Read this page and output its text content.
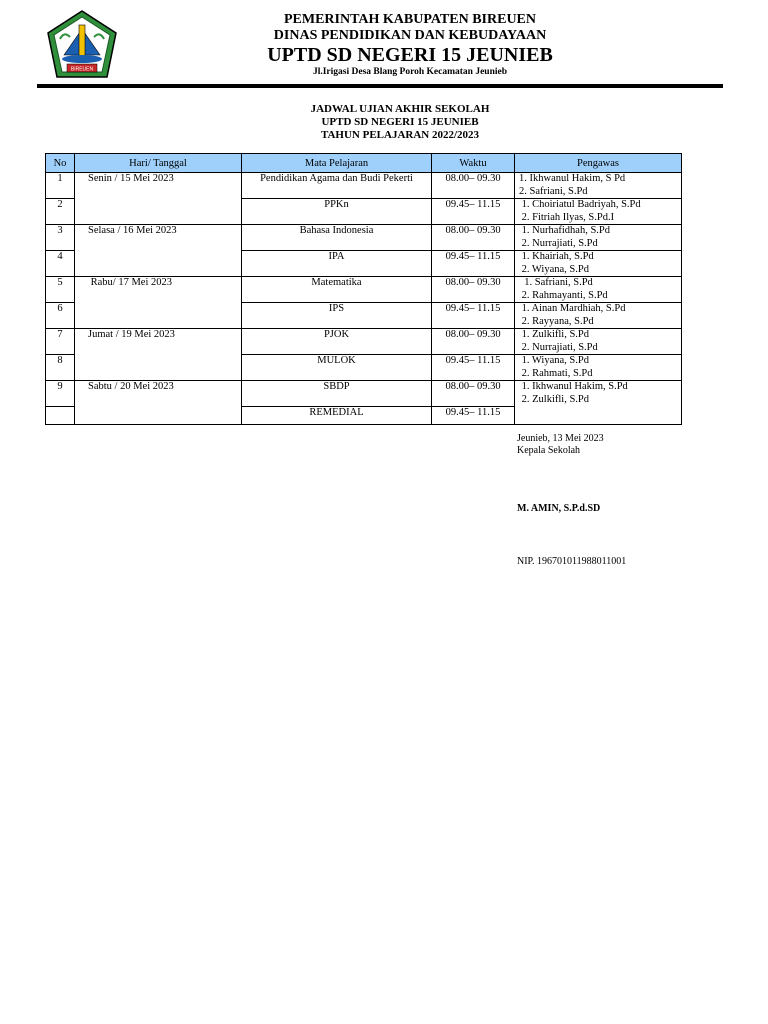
BIREUEN
PEMERINTAH KABUPATEN BIREUEN
DINAS PENDIDIKAN DAN KEBUDAYAAN
UPTD SD NEGERI 15 JEUNIEB
Jl.Irigasi Desa Blang Poroh Kecamatan Jeunieb
JADWAL UJIAN AKHIR SEKOLAH
UPTD SD NEGERI 15 JEUNIEB
TAHUN PELAJARAN 2022/2023
No	Hari/ Tanggal	Mata Pelajaran	Waktu	Pengawas
1	Senin / 15 Mei 2023	Pendidikan Agama dan Budi Pekerti	08.00– 09.30	1. Ikhwanul Hakim, S Pd
2. Safriani, S.Pd

2		PPKn	09.45– 11.15	1. Choiriatul Badriyah, S.Pd
2. Fitriah Ilyas, S.Pd.I

3	Selasa / 16 Mei 2023	Bahasa Indonesia	08.00– 09.30	1. Nurhafidhah, S.Pd
2. Nurrajiati, S.Pd

4		IPA	09.45– 11.15	1. Khairiah, S.Pd
2. Wiyana, S.Pd

5	Rabu/ 17 Mei 2023	Matematika	08.00– 09.30	1. Safriani, S.Pd
2. Rahmayanti, S.Pd

6		IPS	09.45– 11.15	1. Ainan Mardhiah, S.Pd
2. Rayyana, S.Pd

7	Jumat / 19 Mei 2023	PJOK	08.00– 09.30	1. Zulkifli, S.Pd
2. Nurrajiati, S.Pd

8		MULOK	09.45– 11.15	1. Wiyana, S.Pd
2. Rahmati, S.Pd

9	Sabtu / 20 Mei 2023	SBDP	08.00– 09.30	1. Ikhwanul Hakim, S.Pd
2. Zulkifli, S.Pd

		REMEDIAL	09.45– 11.15	
Jeunieb, 13 Mei 2023
Kepala Sekolah
M. AMIN, S.P.d.SD
NIP. 196701011988011001
